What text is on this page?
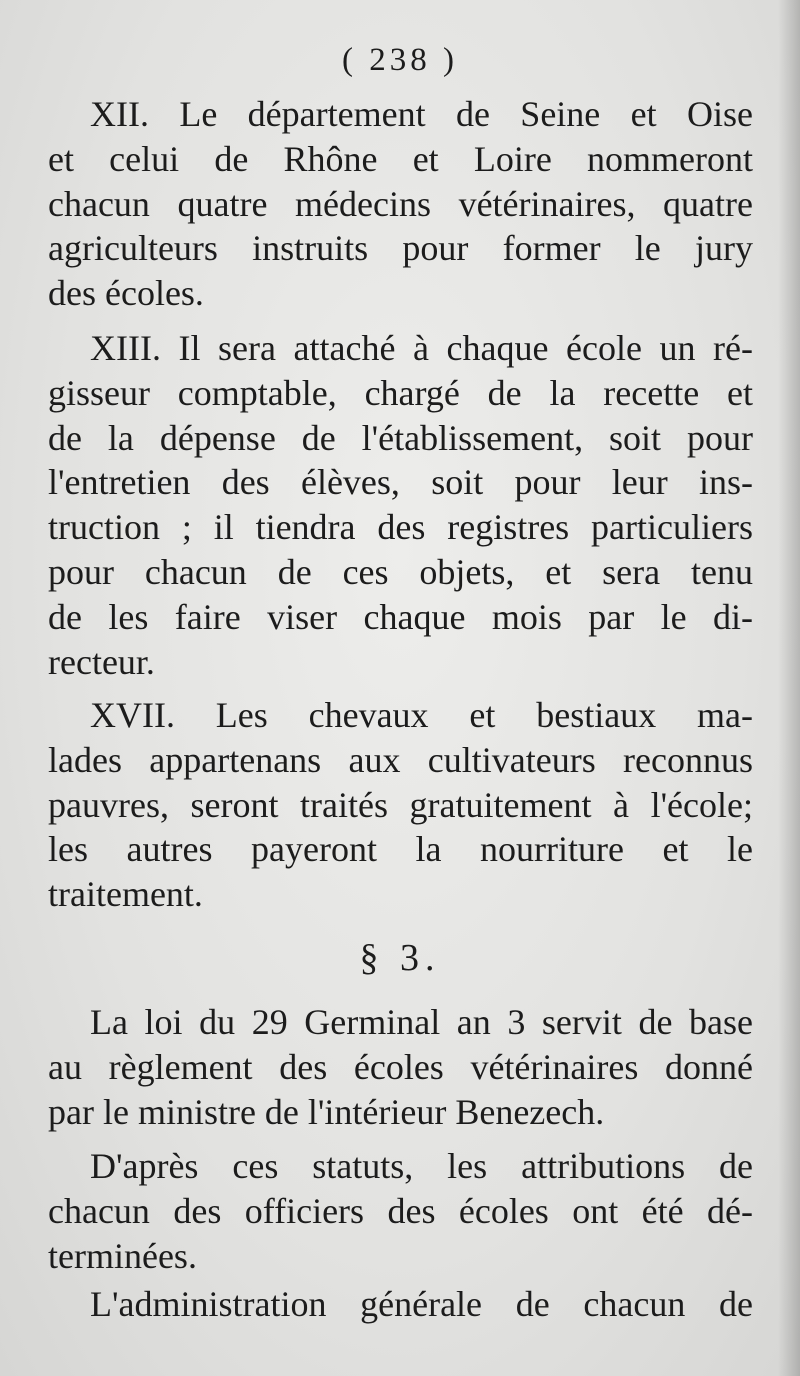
( 238 )
XII. Le département de Seine et Oise
et celui de Rhône et Loire nommeront
chacun quatre médecins vétérinaires, quatre
agriculteurs instruits pour former le jury
des écoles.
XIII. Il sera attaché à chaque école un ré-
gisseur comptable, chargé de la recette et
de la dépense de l'établissement, soit pour
l'entretien des élèves, soit pour leur ins-
truction ; il tiendra des registres particuliers
pour chacun de ces objets, et sera tenu
de les faire viser chaque mois par le di-
recteur.
XVII. Les chevaux et bestiaux ma-
lades appartenans aux cultivateurs reconnus
pauvres, seront traités gratuitement à l'école;
les autres payeront la nourriture et le
traitement.
§ 3.
La loi du 29 Germinal an 3 servit de base
au règlement des écoles vétérinaires donné
par le ministre de l'intérieur Benezech.
D'après ces statuts, les attributions de
chacun des officiers des écoles ont été dé-
terminées.
L'administration générale de chacun de
